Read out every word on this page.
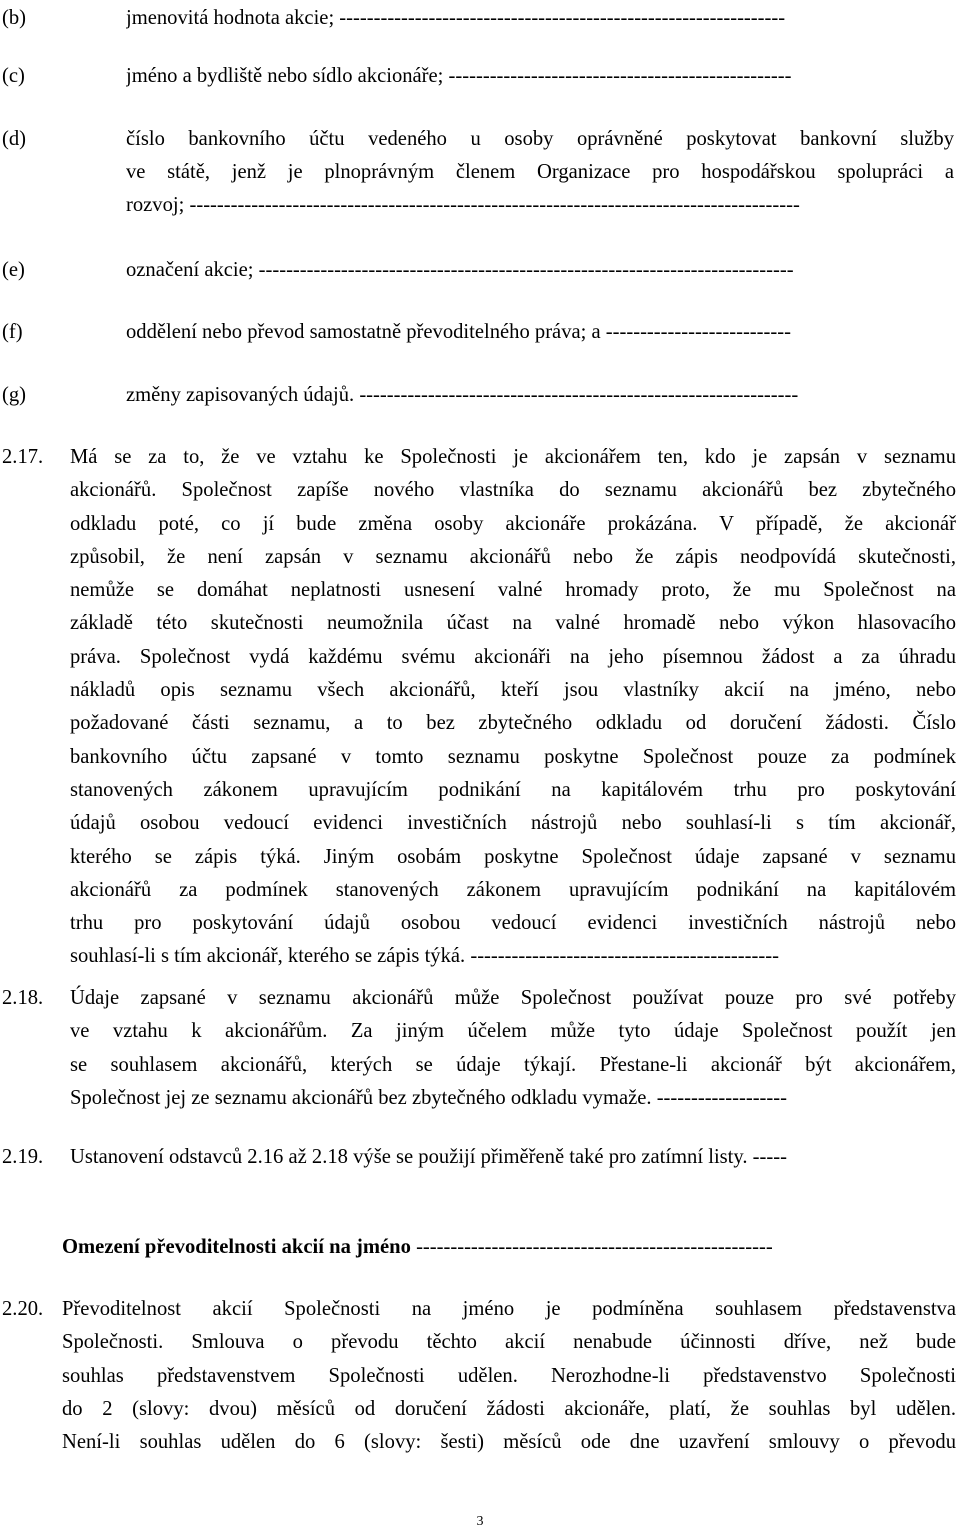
(b)	jmenovitá hodnota akcie; -----------------------------------------------------------------
(c)	jméno a bydliště nebo sídlo akcionáře; --------------------------------------------------
(d)	číslo bankovního účtu vedeného u osoby oprávněné poskytovat bankovní služby

ve státě, jenž je plnoprávným členem Organizace pro hospodářskou spolupráci a

rozvoj; -----------------------------------------------------------------------------------------

(e)	označení akcie; ------------------------------------------------------------------------------
(f)	oddělení nebo převod samostatně převoditelného práva; a ---------------------------
(g)	změny zapisovaných údajů. ----------------------------------------------------------------
2.17. Má se za to, že ve vztahu ke Společnosti je akcionářem ten, kdo je zapsán v seznamu

akcionářů. Společnost zapíše nového vlastníka do seznamu akcionářů bez zbytečného

odkladu poté, co jí bude změna osoby akcionáře prokázána. V případě, že akcionář

způsobil, že není zapsán v seznamu akcionářů nebo že zápis neodpovídá skutečnosti,

nemůže se domáhat neplatnosti usnesení valné hromady proto, že mu Společnost na

základě této skutečnosti neumožnila účast na valné hromadě nebo výkon hlasovacího

práva. Společnost vydá každému svému akcionáři na jeho písemnou žádost a za úhradu

nákladů opis seznamu všech akcionářů, kteří jsou vlastníky akcií na jméno, nebo

požadované části seznamu, a to bez zbytečného odkladu od doručení žádosti. Číslo

bankovního účtu zapsané v tomto seznamu poskytne Společnost pouze za podmínek

stanovených zákonem upravujícím podnikání na kapitálovém trhu pro poskytování

údajů osobou vedoucí evidenci investičních nástrojů nebo souhlasí-li s tím akcionář,

kterého se zápis týká. Jiným osobám poskytne Společnost údaje zapsané v seznamu

akcionářů za podmínek stanovených zákonem upravujícím podnikání na kapitálovém

trhu pro poskytování údajů osobou vedoucí evidenci investičních nástrojů nebo

souhlasí-li s tím akcionář, kterého se zápis týká. ---------------------------------------------

2.18. Údaje zapsané v seznamu akcionářů může Společnost používat pouze pro své potřeby

ve vztahu k akcionářům. Za jiným účelem může tyto údaje Společnost použít jen

se souhlasem akcionářů, kterých se údaje týkají. Přestane-li akcionář být akcionářem,

Společnost jej ze seznamu akcionářů bez zbytečného odkladu vymaže. -------------------

2.19. Ustanovení odstavců 2.16 až 2.18 výše se použijí přiměřeně také pro zatímní listy. -----

Omezení převoditelnosti akcií na jméno ----------------------------------------------------
2.20. Převoditelnost akcií Společnosti na jméno je podmíněna souhlasem představenstva

Společnosti. Smlouva o převodu těchto akcií nenabude účinnosti dříve, než bude

souhlas představenstvem Společnosti udělen. Nerozhodne-li představenstvo Společnosti

do 2 (slovy: dvou) měsíců od doručení žádosti akcionáře, platí, že souhlas byl udělen.

Není-li souhlas udělen do 6 (slovy: šesti) měsíců ode dne uzavření smlouvy o převodu

3
